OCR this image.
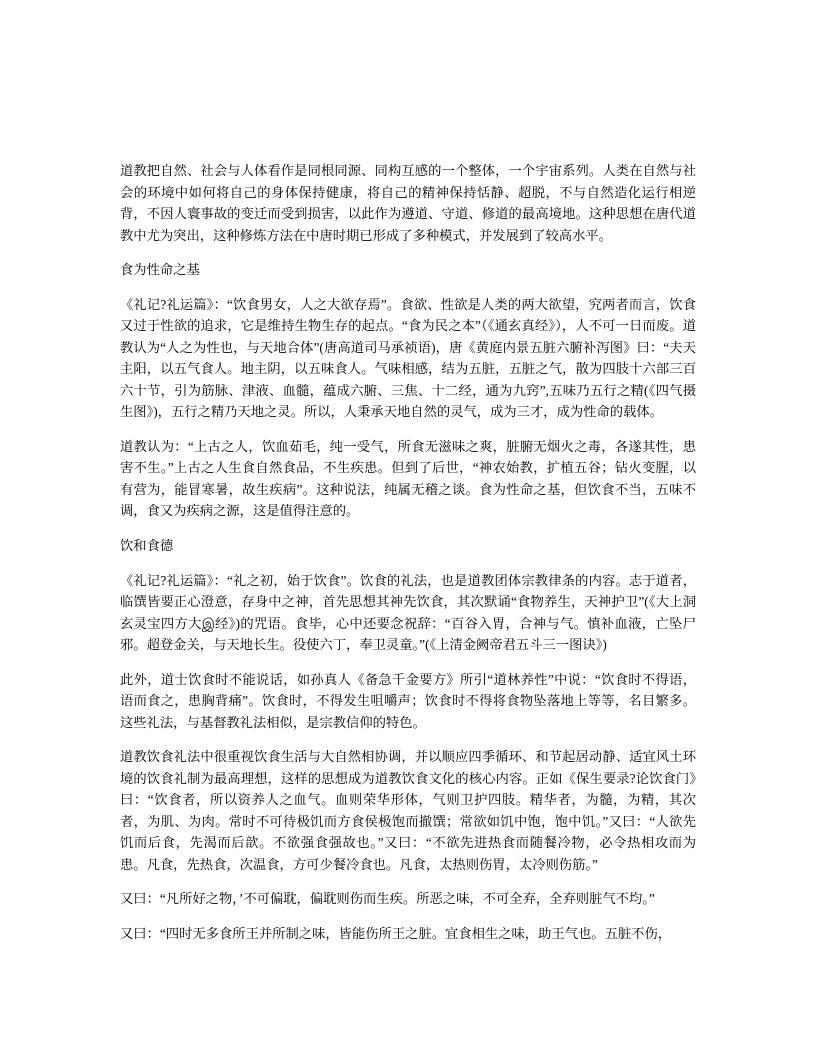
道教把自然、社会与人体看作是同根同源、同构互感的一个整体，一个宇宙系列。人类在自然与社会的环境中如何将自己的身体保持健康，将自己的精神保持恬静、超脱，不与自然造化运行相逆背，不因人寰事故的变迁而受到损害，以此作为遵道、守道、修道的最高境地。这种思想在唐代道教中尤为突出，这种修炼方法在中唐时期已形成了多种模式，并发展到了较高水平。

食为性命之基

《礼记?礼运篇》：“饮食男女，人之大欲存焉”。食欲、性欲是人类的两大欲望，究两者而言，饮食又过于性欲的追求，它是维持生物生存的起点。“食为民之本”（《通玄真经》），人不可一日而废。道教认为“人之为性也，与天地合体”(唐高道司马承祯语)，唐《黄庭内景五脏六腑补泻图》曰：“夫天主阳，以五气食人。地主阴，以五味食人。气味相感，结为五脏，五脏之气，散为四肢十六部三百六十节，引为筋脉、津液、血髓，蕴成六腑、三焦、十二经，通为九窍”,五味乃五行之精(《四气摄生图》)，五行之精乃天地之灵。所以，人秉承天地自然的灵气，成为三才，成为性命的载体。

道教认为：“上古之人，饮血茹毛，纯一受气，所食无滋味之爽，脏腑无烟火之毒，各遂其性，患害不生。”上古之人生食自然食品，不生疾患。但到了后世，“神农始教，扩植五谷；钻火变腥，以有营为，能冒寒暑，故生疾病”。这种说法，纯属无稽之谈。食为性命之基，但饮食不当，五味不调，食又为疾病之源，这是值得注意的。

饮和食德

《礼记?礼运篇》：“礼之初，始于饮食”。饮食的礼法，也是道教团体宗教律条的内容。志于道者，临馔皆要正心澄意，存身中之神，首先思想其神先饮食，其次默诵“食物养生，天神护卫”(《大上洞玄灵宝四方大இ经》)的咒语。食毕，心中还要念祝辞：“百谷入胃，合神与气。慎补血液，亡坠尸邪。超登金关，与天地长生。役使六丁，奉卫灵童。”(《上清金阙帝君五斗三一图诀》)

此外，道士饮食时不能说话，如孙真人《备急千金要方》所引“道林养性”中说：“饮食时不得语，语而食之，患胸背痛”。饮食时，不得发生咀嚼声；饮食时不得将食物坠落地上等等，名目繁多。这些礼法，与基督教礼法相似，是宗教信仰的特色。

道教饮食礼法中很重视饮食生活与大自然相协调，并以顺应四季循环、和节起居动静、适宜风土环境的饮食礼制为最高理想，这样的思想成为道教饮食文化的核心内容。正如《保生要录?论饮食门》曰：“饮食者，所以资养人之血气。血则荣华形体，气则卫护四肢。精华者，为髓，为精，其次者，为肌、为肉。常时不可待极饥而方食侯极饱而撤馔；常欲如饥中饱，饱中饥。”又曰：“人欲先饥而后食，先渴而后歆。不欲强食强故也。”又曰：“不欲先进热食而随餐冷物，必令热相攻而为患。凡食，先热食，次温食，方可少餐冷食也。凡食，太热则伤胃，太冷则伤筋。”

又曰：“凡所好之物，’不可偏耽，偏耽则伤而生疾。所恶之味，不可全弃，全弃则脏气不均。”

又曰：“四时无多食所王并所制之味，皆能伤所王之脏。宜食相生之味，助王气也。五脏不伤，
